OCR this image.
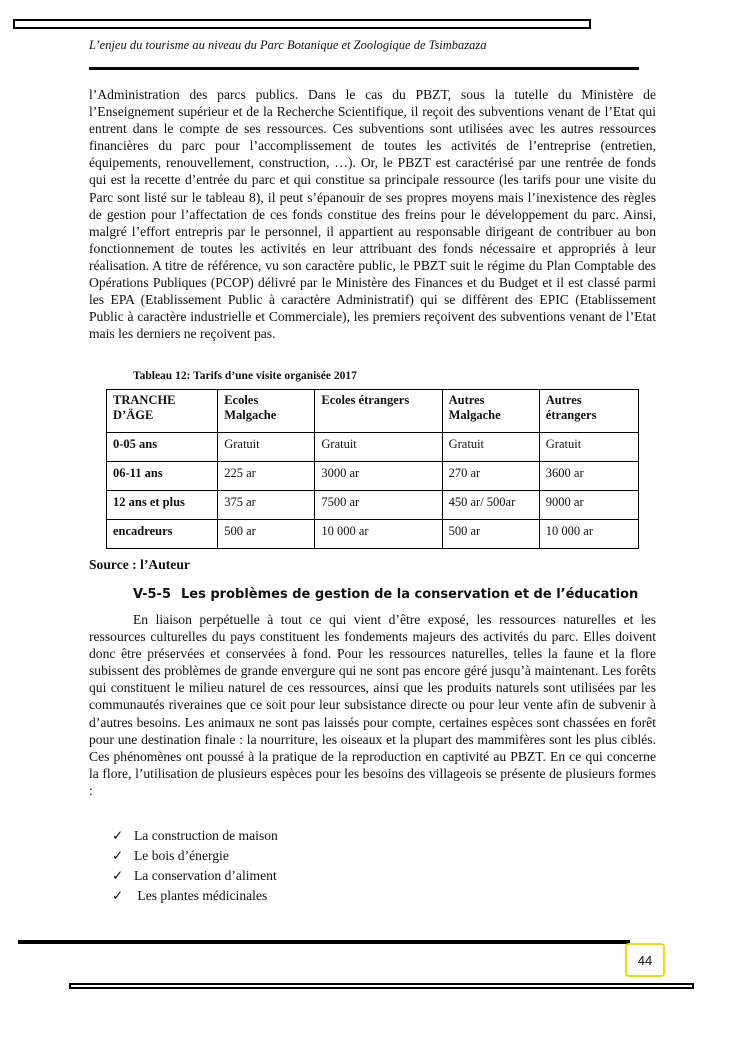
L’enjeu du tourisme au niveau du Parc Botanique et Zoologique de Tsimbazaza

l’Administration des parcs publics. Dans le cas du PBZT, sous la tutelle du Ministère de l’Enseignement supérieur et de la Recherche Scientifique, il reçoit des subventions venant de l’Etat qui entrent dans le compte de ses ressources. Ces subventions sont utilisées avec les autres ressources financières du parc pour l’accomplissement de toutes les activités de l’entreprise (entretien, équipements, renouvellement, construction, …). Or, le PBZT est caractérisé par une rentrée de fonds qui est la recette d’entrée du parc et qui constitue sa principale ressource (les tarifs pour une visite du Parc sont listé sur le tableau 8), il peut s’épanouir de ses propres moyens mais l’inexistence des règles de gestion pour l’affectation de ces fonds constitue des freins pour le développement du parc. Ainsi, malgré l’effort entrepris par le personnel, il appartient au responsable dirigeant de contribuer au bon fonctionnement de toutes les activités en leur attribuant des fonds nécessaire et appropriés à leur réalisation. A titre de référence, vu son caractère public, le PBZT suit le régime du Plan Comptable des Opérations Publiques (PCOP) délivré par le Ministère des Finances et du Budget et il est classé parmi les EPA (Etablissement Public à caractère Administratif) qui se diffèrent des EPIC (Etablissement Public à caractère industrielle et Commerciale), les premiers reçoivent des subventions venant de l’Etat mais les derniers ne reçoivent pas.

Tableau 12: Tarifs d’une visite organisée 2017
TRANCHE D’ÄGE	Ecoles Malgache	Ecoles étrangers	Autres Malgache	Autres étrangers
0-05 ans	Gratuit	Gratuit	Gratuit	Gratuit
06-11 ans	225 ar	3000 ar	270 ar	3600 ar
12 ans et plus	375 ar	7500 ar	450 ar/ 500ar	9000 ar
encadreurs	500 ar	10 000 ar	500 ar	10 000 ar
Source : l’Auteur
V-5-5 Les problèmes de gestion de la conservation et de l’éducation

En liaison perpétuelle à tout ce qui vient d’être exposé, les ressources naturelles et les ressources culturelles du pays constituent les fondements majeurs des activités du parc. Elles doivent donc être préservées et conservées à fond. Pour les ressources naturelles, telles la faune et la flore subissent des problèmes de grande envergure qui ne sont pas encore géré jusqu’à maintenant. Les forêts qui constituent le milieu naturel de ces ressources, ainsi que les produits naturels sont utilisées par les communautés riveraines que ce soit pour leur subsistance directe ou pour leur vente afin de subvenir à d’autres besoins. Les animaux ne sont pas laissés pour compte, certaines espèces sont chassées en forêt pour une destination finale : la nourriture, les oiseaux et la plupart des mammifères sont les plus ciblés. Ces phénomènes ont poussé à la pratique de la reproduction en captivité au PBZT. En ce qui concerne la flore, l’utilisation de plusieurs espèces pour les besoins des villageois se présente de plusieurs formes :

✓ La construction de maison
✓ Le bois d’énergie
✓ La conservation d’aliment
✓ Les plantes médicinales
44
